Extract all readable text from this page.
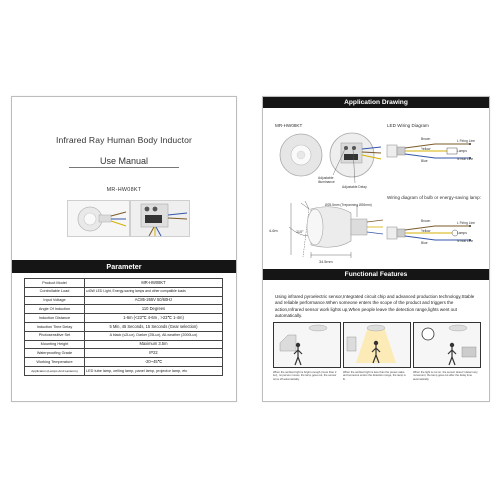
Infrared Ray Human Body Inductor
Use Manual
MR-HW08KT
Parameter
Product Model	MR-HW08KT
Controllable Load	≤40W LED Light, Energy-saving lamps and other compatible loads
Input Voltage	AC85-265V 50/60Hz
Angle Of Induction	110 Degrees
Induction Distance	1-6m (<23℃ 4-6m , >23℃ 1-4m)
Induction Time Delay	5 Min, 45 Seconds, 15 Seconds (Gear selection)
Photosensitive Set	A black (≤2Lux), Darker (25Lux), All-weather (2000Lux)
Mounting Height	Maximum 3.5m
Waterproofing Grade	IP22
Working Temperature	-20~45℃
Application (Lamps And Lanterns)	LED tube lamp, ceiling lamp, panel lamp, projector lamp, etc
Application Drawing
MR-HW08KT	LED Wiring Diagram
Adjustable Illuminance
Adjustable Delay
Brown
Yellow
Blue
L Firing Line
Lamps
N Null Line
Wiring diagram of bulb or energy-saving lamp:
Brown
Yellow
Blue
L Firing Line
Lamps
N Null Line
4-6m	110°
Ø25.5mm (Trepanning Ø26mm)
34.5mm
Functional Features
Using infrared pyroelectric sensor,Integrated circuit chip and advanced production technology,Stable and reliable performance.When someone enters the scope of the product and triggers the action,Infrared sensor work lights up,When people leave the detection range,lights went out automatically.
When the ambient light is bright enough (more than 2 lux), no person moves, the lamp goes out, the sensor turns off automatically.
When the ambient light is less than the preset value and someone enters the detection range, the lamp is lit.
When the light is not on, the sensor doesn't detect any movement, the lamp goes out after the delay time automatically.
